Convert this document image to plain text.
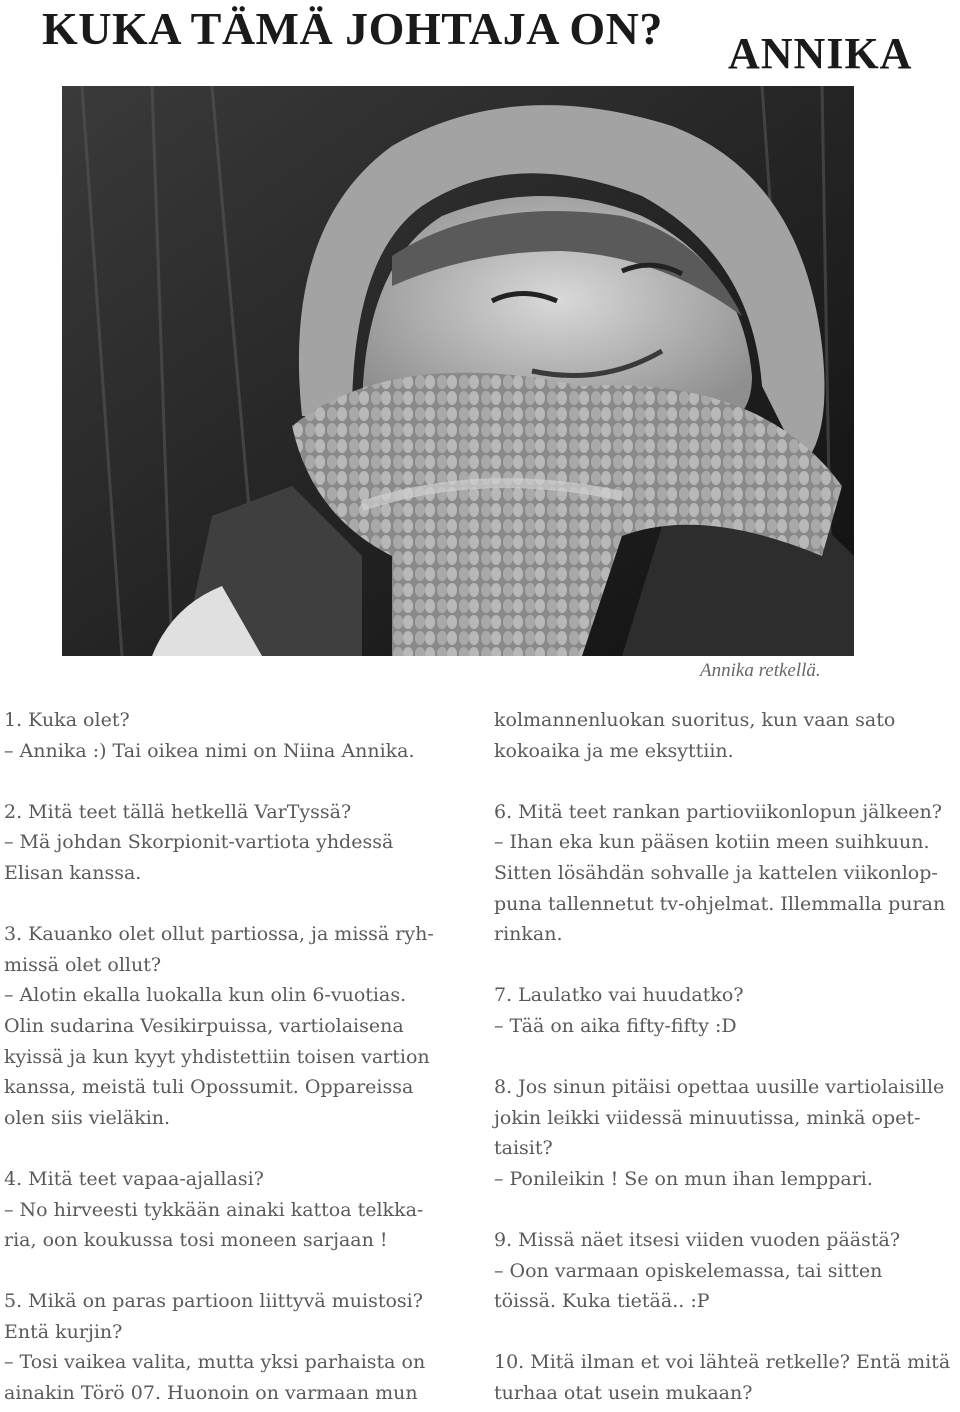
KUKA TÄMÄ JOHTAJA ON? ANNIKA
Annika retkellä.
1. Kuka olet?
– Annika :) Tai oikea nimi on Niina Annika.
2. Mitä teet tällä hetkellä VarTyssä?
– Mä johdan Skorpionit-vartiota yhdessä
Elisan kanssa.
3. Kauanko olet ollut partiossa, ja missä ryh-
missä olet ollut?
– Alotin ekalla luokalla kun olin 6-vuotias.
Olin sudarina Vesikirpuissa, vartiolaisena
kyissä ja kun kyyt yhdistettiin toisen vartion
kanssa, meistä tuli Opossumit. Oppareissa
olen siis vieläkin.
4. Mitä teet vapaa-ajallasi?
– No hirveesti tykkään ainaki kattoa telkka-
ria, oon koukussa tosi moneen sarjaan !
5. Mikä on paras partioon liittyvä muistosi?
Entä kurjin?
– Tosi vaikea valita, mutta yksi parhaista on
ainakin Törö 07. Huonoin on varmaan mun
kolmannenluokan suoritus, kun vaan sato
kokoaika ja me eksyttiin.
6. Mitä teet rankan partioviikonlopun jälkeen?
– Ihan eka kun pääsen kotiin meen suihkuun.
Sitten lösähdän sohvalle ja kattelen viikonlop-
puna tallennetut tv-ohjelmat. Illemmalla puran
rinkan.
7. Laulatko vai huudatko?
– Tää on aika fifty-fifty :D
8. Jos sinun pitäisi opettaa uusille vartiolaisille
jokin leikki viidessä minuutissa, minkä opet-
taisit?
– Ponileikin ! Se on mun ihan lemppari.
9. Missä näet itsesi viiden vuoden päästä?
– Oon varmaan opiskelemassa, tai sitten
töissä. Kuka tietää.. :P
10. Mitä ilman et voi lähteä retkelle? Entä mitä
turhaa otat usein mukaan?
